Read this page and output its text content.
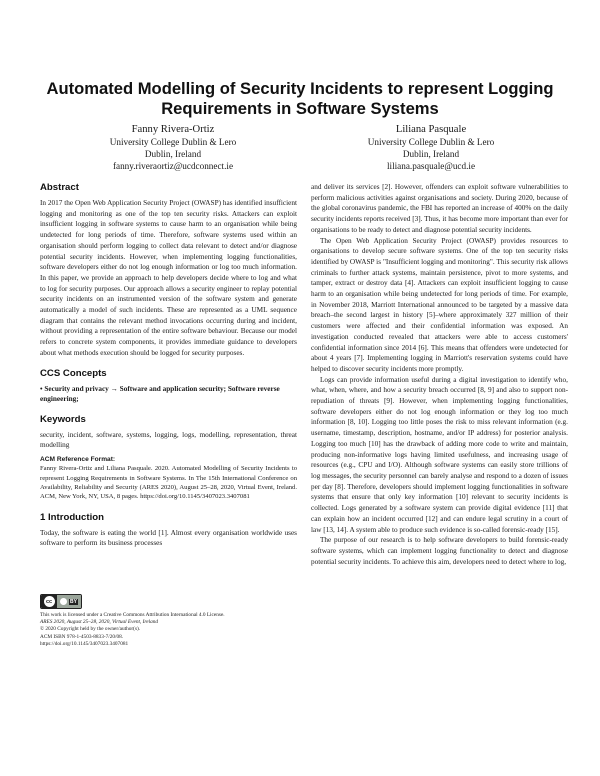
Automated Modelling of Security Incidents to represent Logging Requirements in Software Systems
Fanny Rivera-Ortiz
University College Dublin & Lero
Dublin, Ireland
fanny.riveraortiz@ucdconnect.ie
Liliana Pasquale
University College Dublin & Lero
Dublin, Ireland
liliana.pasquale@ucd.ie
Abstract

In 2017 the Open Web Application Security Project (OWASP) has identified insufficient logging and monitoring as one of the top ten security risks. Attackers can exploit insufficient logging in software systems to cause harm to an organisation while being undetected for long periods of time. Therefore, software systems used within an organisation should perform logging to collect data relevant to detect and/or diagnose potential security incidents. However, when implementing logging functionalities, software developers either do not log enough information or log too much information. In this paper, we provide an approach to help developers decide where to log and what to log for security purposes. Our approach allows a security engineer to replay potential security incidents on an instrumented version of the software system and generate automatically a model of such incidents. These are represented as a UML sequence diagram that contains the relevant method invocations occurring during and incident, without providing a representation of the entire software behaviour. Because our model refers to concrete system components, it provides immediate guidance to developers about what methods execution should be logged for security purposes.

CCS Concepts

• Security and privacy → Software and application security; Software reverse engineering;

Keywords

security, incident, software, systems, logging, logs, modelling, representation, threat modelling

ACM Reference Format:

Fanny Rivera-Ortiz and Liliana Pasquale. 2020. Automated Modelling of Security Incidents to represent Logging Requirements in Software Systems. In The 15th International Conference on Availability, Reliability and Security (ARES 2020), August 25–28, 2020, Virtual Event, Ireland. ACM, New York, NY, USA, 8 pages. https://doi.org/10.1145/3407023.3407081

1 Introduction

Today, the software is eating the world [1]. Almost every organisation worldwide uses software to perform its business processes

cc	BY

This work is licensed under a Creative Commons Attribution International 4.0 License.

ARES 2020, August 25–28, 2020, Virtual Event, Ireland

© 2020 Copyright held by the owner/author(s).

ACM ISBN 978-1-4503-8833-7/20/08.

https://doi.org/10.1145/3407023.3407081

and deliver its services [2]. However, offenders can exploit software vulnerabilities to perform malicious activities against organisations and society. During 2020, because of the global coronavirus pandemic, the FBI has reported an increase of 400% on the daily security incidents reports received [3]. Thus, it has become more important than ever for organisations to be ready to detect and diagnose potential security incidents.

The Open Web Application Security Project (OWASP) provides resources to organisations to develop secure software systems. One of the top ten security risks identified by OWASP is "Insufficient logging and monitoring". This security risk allows criminals to further attack systems, maintain persistence, pivot to more systems, and tamper, extract or destroy data [4]. Attackers can exploit insufficient logging to cause harm to an organisation while being undetected for long periods of time. For example, in November 2018, Marriott International announced to be targeted by a massive data breach–the second largest in history [5]–where approximately 327 million of their customers were affected and their confidential information was exposed. An investigation conducted revealed that attackers were able to access customers' confidential information since 2014 [6]. This means that offenders were undetected for about 4 years [7]. Implementing logging in Marriott's reservation systems could have helped to discover security incidents more promptly.

Logs can provide information useful during a digital investigation to identify who, what, when, where, and how a security breach occurred [8, 9] and also to support non-repudiation of threats [9]. However, when implementing logging functionalities, software developers either do not log enough information or they log too much information [8, 10]. Logging too little poses the risk to miss relevant information (e.g. username, timestamp, description, hostname, and/or IP address) for posterior analysis. Logging too much [10] has the drawback of adding more code to write and maintain, producing non-informative logs having limited usefulness, and increasing usage of resources (e.g., CPU and I/O). Although software systems can easily store trillions of log messages, the security personnel can barely analyse and respond to a dozen of issues per day [8]. Therefore, developers should implement logging functionalities in software systems that ensure that only key information [10] relevant to security incidents is collected. Logs generated by a software system can provide digital evidence [11] that can explain how an incident occurred [12] and can endure legal scrutiny in a court of law [13, 14]. A system able to produce such evidence is so-called forensic-ready [15].

The purpose of our research is to help software developers to build forensic-ready software systems, which can implement logging functionality to detect and diagnose potential security incidents. To achieve this aim, developers need to detect where to log,
